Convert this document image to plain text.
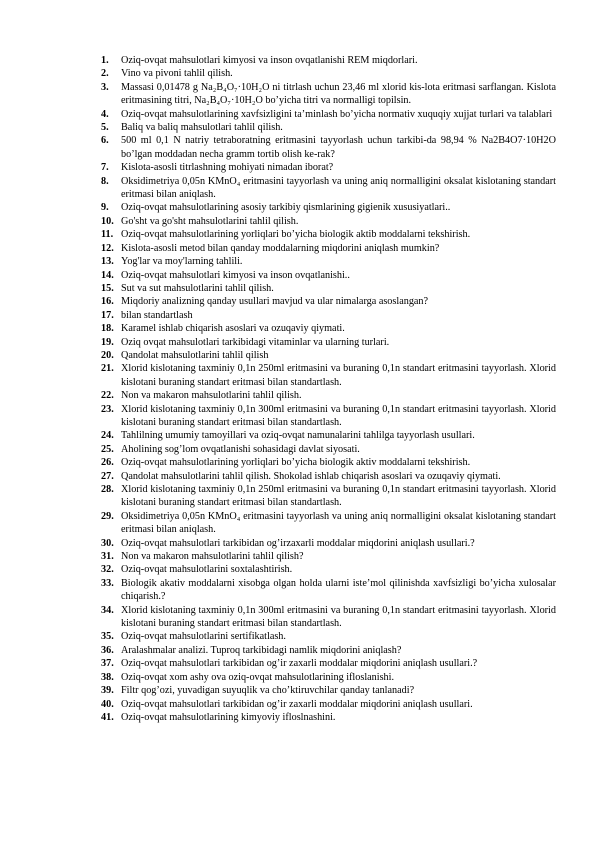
1.	Oziq-ovqat mahsulotlari kimyosi va inson ovqatlanishi REM miqdorlari.
2.	Vino va pivoni tahlil qilish.
3.	Massasi 0,01478 g Na₂B₄O₇·10H₂O ni titrlash uchun 23,46 ml xlorid kis-lota eritmasi sarflangan. Kislota eritmasining titri, Na₂B₄O₇·10H₂O bo’yicha titri va normalligi topilsin.
4.	Oziq-ovqat mahsulotlarining xavfsizligini ta’minlash bo’yicha normativ xuquqiy xujjat turlari va talablari
5.	Baliq va baliq mahsulotlari tahlil qilish.
6.	500 ml 0,1 N natriy tetraboratning eritmasini tayyorlash uchun tarkibi-da 98,94 % Na2B4O7·10H2O bo’lgan moddadan necha gramm tortib olish ke-rak?
7.	Kislota-asosli titrlashning mohiyati nimadan iborat?
8.	Oksidimetriya 0,05n KMnO₄ eritmasini tayyorlash va uning aniq normalligini oksalat kislotaning standart eritmasi bilan aniqlash.
9.	Oziq-ovqat mahsulotlarining asosiy tarkibiy qismlarining gigienik xususiyatlari..
10. Go'sht va go'sht mahsulotlarini tahlil qilish.
11. Oziq-ovqat mahsulotlarining yorliqlari bo’yicha biologik aktib moddalarni tekshirish.
12. Kislota-asosli metod bilan qanday moddalarning miqdorini aniqlash mumkin?
13. Yog'lar va moy'larning tahlili.
14. Oziq-ovqat mahsulotlari kimyosi va inson ovqatlanishi..
15. Sut va sut mahsulotlarini tahlil qilish.
16. Miqdoriy analizning qanday usullari mavjud va ular nimalarga asoslangan?
17. bilan standartlash
18. Karamel ishlab chiqarish asoslari va ozuqaviy qiymati.
19. Oziq ovqat mahsulotlari tarkibidagi vitaminlar va ularning turlari.
20. Qandolat mahsulotlarini tahlil qilish
21. Xlorid kislotaning taxminiy 0,1n 250ml eritmasini va buraning 0,1n standart eritmasini tayyorlash. Xlorid kislotani buraning standart eritmasi bilan standartlash.
22. Non va makaron mahsulotlarini tahlil qilish.
23. Xlorid kislotaning taxminiy 0,1n 300ml eritmasini va buraning 0,1n standart eritmasini tayyorlash. Xlorid kislotani buraning standart eritmasi bilan standartlash.
24. Tahlilning umumiy tamoyillari va oziq-ovqat namunalarini tahlilga tayyorlash usullari.
25. Aholining sog’lom ovqatlanishi sohasidagi davlat siyosati.
26. Oziq-ovqat mahsulotlarining yorliqlari bo’yicha biologik aktiv moddalarni tekshirish.
27. Qandolat mahsulotlarini tahlil qilish. Shokolad ishlab chiqarish asoslari va ozuqaviy qiymati.
28. Xlorid kislotaning taxminiy 0,1n 250ml eritmasini va buraning 0,1n standart eritmasini tayyorlash. Xlorid kislotani buraning standart eritmasi bilan standartlash.
29. Oksidimetriya 0,05n KMnO₄ eritmasini tayyorlash va uning aniq normalligini oksalat kislotaning standart eritmasi bilan aniqlash.
30. Oziq-ovqat mahsulotlari tarkibidan og’irzaxarli moddalar miqdorini aniqlash usullari.?
31. Non va makaron mahsulotlarini tahlil qilish?
32. Oziq-ovqat mahsulotlarini soxtalashtirish.
33. Biologik akativ moddalarni xisobga olgan holda ularni iste’mol qilinishda xavfsizligi bo’yicha xulosalar chiqarish.?
34. Xlorid kislotaning taxminiy 0,1n 300ml eritmasini va buraning 0,1n standart eritmasini tayyorlash. Xlorid kislotani buraning standart eritmasi bilan standartlash.
35. Oziq-ovqat mahsulotlarini sertifikatlash.
36. Aralashmalar analizi. Tuproq tarkibidagi namlik miqdorini aniqlash?
37. Oziq-ovqat mahsulotlari tarkibidan og’ir zaxarli moddalar miqdorini aniqlash usullari.?
38. Oziq-ovqat xom ashy ova oziq-ovqat mahsulotlarining ifloslanishi.
39. Filtr qog’ozi, yuvadigan suyuqlik va cho’ktiruvchilar qanday tanlanadi?
40. Oziq-ovqat mahsulotlari tarkibidan og’ir zaxarli moddalar miqdorini aniqlash usullari.
41. Oziq-ovqat mahsulotlarining kimyoviy ifloslnashini.
